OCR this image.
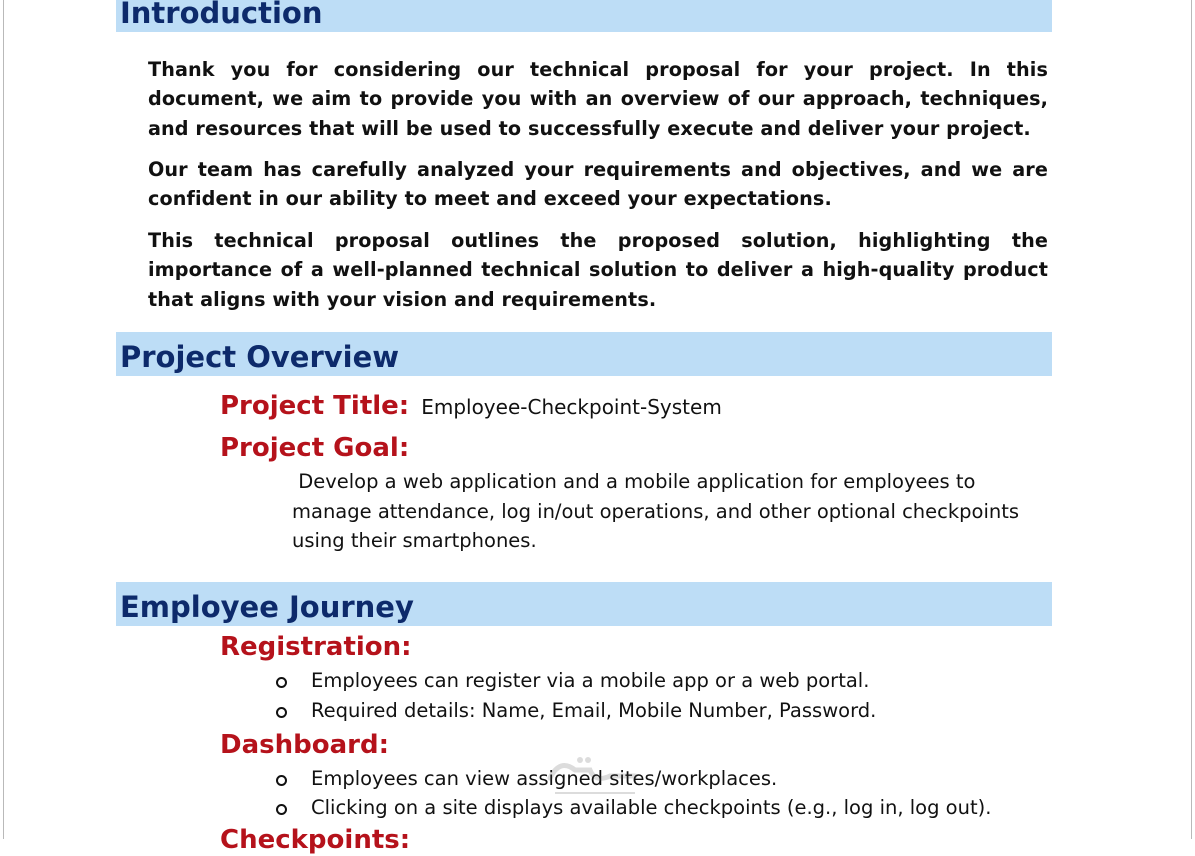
Introduction

Thank you for considering our technical proposal for your project. In this document, we aim to provide you with an overview of our approach, techniques, and resources that will be used to successfully execute and deliver your project.

Our team has carefully analyzed your requirements and objectives, and we are confident in our ability to meet and exceed your expectations.

This technical proposal outlines the proposed solution, highlighting the importance of a well-planned technical solution to deliver a high-quality product that aligns with your vision and requirements.

Project Overview
Project Title: Employee-Checkpoint-System
Project Goal:

Develop a web application and a mobile application for employees to manage attendance, log in/out operations, and other optional checkpoints using their smartphones.

Employee Journey
Registration:
Employees can register via a mobile app or a web portal.
Required details: Name, Email, Mobile Number, Password.
Dashboard:
Employees can view assigned sites/workplaces.
Clicking on a site displays available checkpoints (e.g., log in, log out).
Checkpoints:
